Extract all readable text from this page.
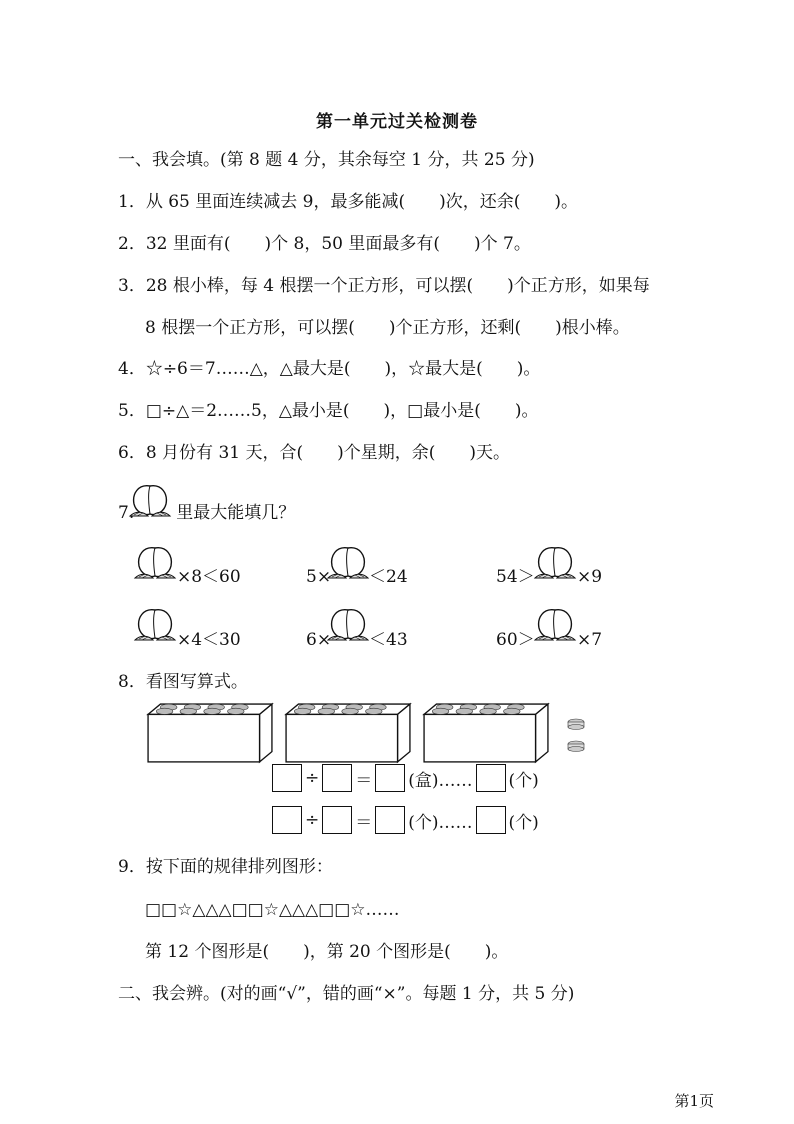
第一单元过关检测卷
一、我会填。(第 8 题 4 分，其余每空 1 分，共 25 分)
1．从 65 里面连续减去 9，最多能减(　　)次，还余(　　)。
2．32 里面有(　　)个 8，50 里面最多有(　　)个 7。
3．28 根小棒，每 4 根摆一个正方形，可以摆(　　)个正方形，如果每
8 根摆一个正方形，可以摆(　　)个正方形，还剩(　　)根小棒。
4．☆÷6＝7……△，△最大是(　　)，☆最大是(　　)。
5．□÷△＝2……5，△最小是(　　)，□最小是(　　)。
6．8 月份有 31 天，合(　　)个星期，余(　　)天。
7. 里最大能填几？
×8＜60	5× ＜24	54＞ ×9
×4＜30	6× ＜43	60＞ ×7
8．看图写算式。
÷ ＝ (盒)…… (个)
÷ ＝ (个)…… (个)
9．按下面的规律排列图形：
□□☆△△△□□☆△△△□□☆……
第 12 个图形是(　　)，第 20 个图形是(　　)。
二、我会辨。(对的画“√”，错的画“×”。每题 1 分，共 5 分)
第1页
